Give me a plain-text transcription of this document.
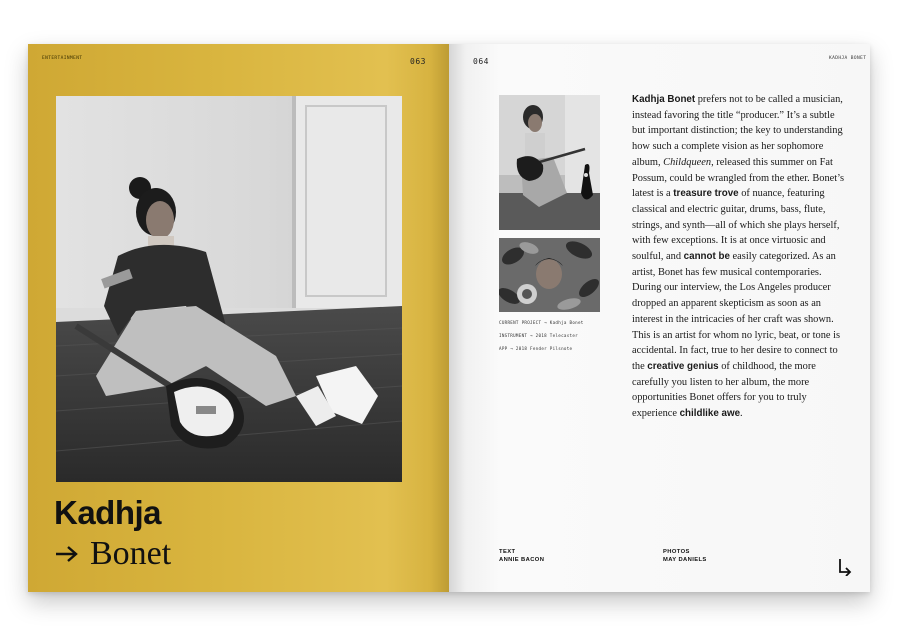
ENTERTAINMENT	063
Kadhja
Bonet
064	KADHJA BONET
CURRENT PROJECT → Kadhja Bonet
INSTRUMENT → 2018 Telecaster
APP → 2018 Fender Pilsnote
Kadhja Bonet prefers not to be called a musician, instead favoring the title “producer.” It’s a subtle but important distinction; the key to understanding how such a complete vision as her sophomore album, Childqueen, released this summer on Fat Possum, could be wrangled from the ether. Bonet’s latest is a treasure trove of nuance, featuring classical and electric guitar, drums, bass, flute, strings, and synth—all of which she plays herself, with few exceptions. It is at once virtuosic and soulful, and cannot be easily categorized. As an artist, Bonet has few musical contemporaries. During our interview, the Los Angeles producer dropped an apparent skepticism as soon as an interest in the intricacies of her craft was shown. This is an artist for whom no lyric, beat, or tone is accidental. In fact, true to her desire to connect to the creative genius of childhood, the more carefully you listen to her album, the more opportunities Bonet offers for you to truly experience childlike awe.
TEXT
ANNIE BACON
PHOTOS
MAY DANIELS
